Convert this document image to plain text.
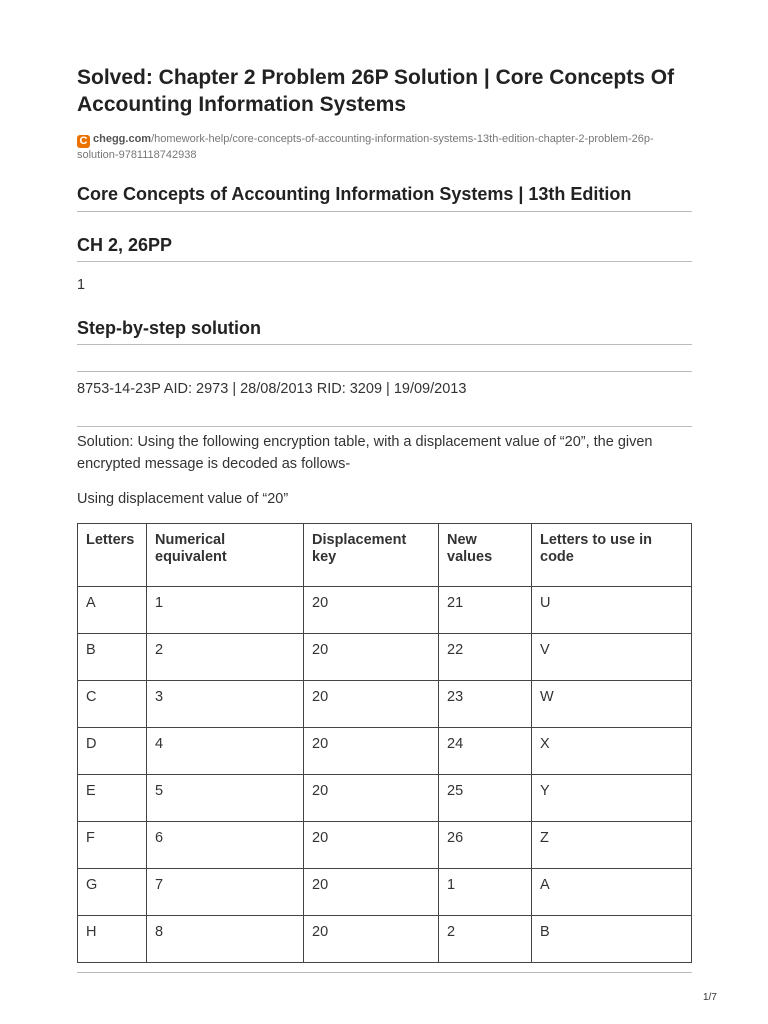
Solved: Chapter 2 Problem 26P Solution | Core Concepts Of Accounting Information Systems
C chegg.com/homework-help/core-concepts-of-accounting-information-systems-13th-edition-chapter-2-problem-26p-solution-9781118742938
Core Concepts of Accounting Information Systems | 13th Edition
CH 2, 26PP

1

Step-by-step solution

8753-14-23P AID: 2973 | 28/08/2013 RID: 3209 | 19/09/2013

Solution: Using the following encryption table, with a displacement value of “20”, the given encrypted message is decoded as follows-

Using displacement value of “20”

Letters	Numerical equivalent	Displacement key	New values	Letters to use in code
A	1	20	21	U
B	2	20	22	V
C	3	20	23	W
D	4	20	24	X
E	5	20	25	Y
F	6	20	26	Z
G	7	20	1	A
H	8	20	2	B
1/7
